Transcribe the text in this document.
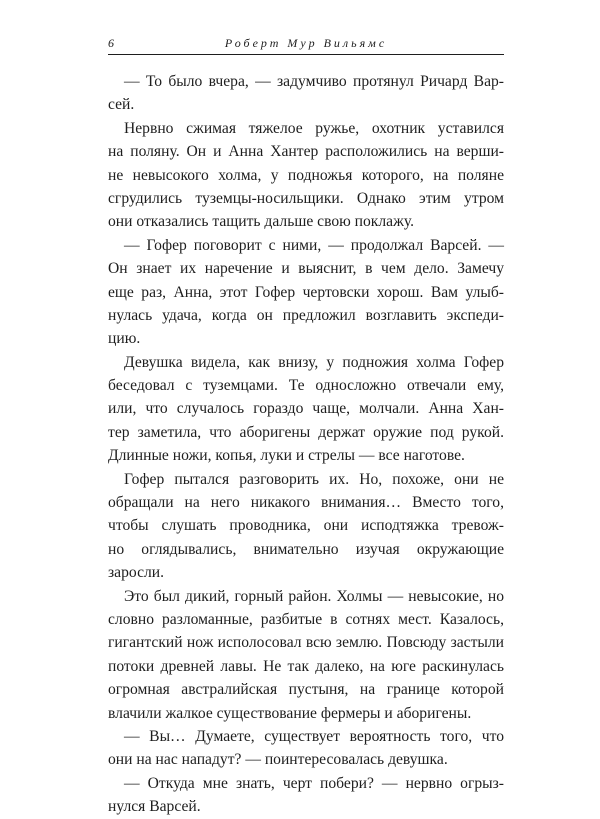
6	Роберт Мур Вильямс
— То было вчера, — задумчиво протянул Ричард Вар-
сей.
Нервно сжимая тяжелое ружье, охотник уставился
на поляну. Он и Анна Хантер расположились на верши-
не невысокого холма, у подножья которого, на поляне
сгрудились туземцы-носильщики. Однако этим утром
они отказались тащить дальше свою поклажу.
— Гофер поговорит с ними, — продолжал Варсей. —
Он знает их наречение и выяснит, в чем дело. Замечу
еще раз, Анна, этот Гофер чертовски хорош. Вам улыб-
нулась удача, когда он предложил возглавить экспеди-
цию.
Девушка видела, как внизу, у подножия холма Гофер
беседовал с туземцами. Те односложно отвечали ему,
или, что случалось гораздо чаще, молчали. Анна Хан-
тер заметила, что аборигены держат оружие под рукой.
Длинные ножи, копья, луки и стрелы — все наготове.
Гофер пытался разговорить их. Но, похоже, они не
обращали на него никакого внимания… Вместо того,
чтобы слушать проводника, они исподтяжка тревож-
но оглядывались, внимательно изучая окружающие
заросли.
Это был дикий, горный район. Холмы — невысокие, но
словно разломанные, разбитые в сотнях мест. Казалось,
гигантский нож исполосовал всю землю. Повсюду застыли
потоки древней лавы. Не так далеко, на юге раскинулась
огромная австралийская пустыня, на границе которой
влачили жалкое существование фермеры и аборигены.
— Вы… Думаете, существует вероятность того, что
они на нас нападут? — поинтересовалась девушка.
— Откуда мне знать, черт побери? — нервно огрыз-
нулся Варсей.
